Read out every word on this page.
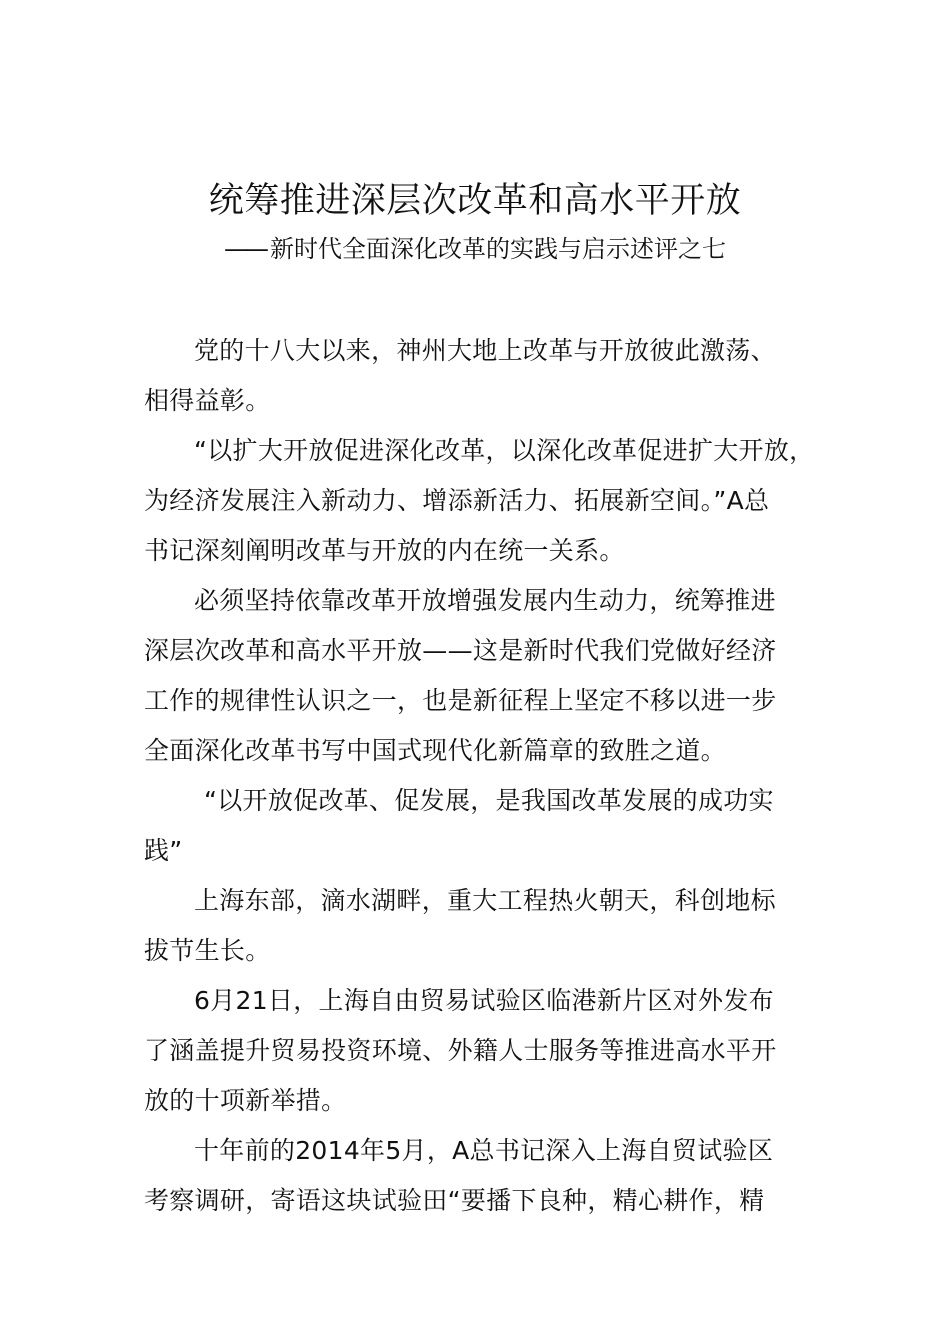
统筹推进深层次改革和高水平开放
—— 新时代全面深化改革的实践与启示述评之七

党的十八大以来，神州大地上改革与开放彼此激荡、
相得益彰。

“以扩大开放促进深化改革，以深化改革促进扩大开放，
为经济发展注入新动力、增添新活力、拓展新空间。”A总
书记深刻阐明改革与开放的内在统一关系。

必须坚持依靠改革开放增强发展内生动力，统筹推进
深层次改革和高水平开放——这是新时代我们党做好经济
工作的规律性认识之一，也是新征程上坚定不移以进一步
全面深化改革书写中国式现代化新篇章的致胜之道。

“以开放促改革、促发展，是我国改革发展的成功实
践”

上海东部，滴水湖畔，重大工程热火朝天，科创地标
拔节生长。

6月21日，上海自由贸易试验区临港新片区对外发布
了涵盖提升贸易投资环境、外籍人士服务等推进高水平开
放的十项新举措。

十年前的2014年5月，A总书记深入上海自贸试验区
考察调研，寄语这块试验田“要播下良种，精心耕作，精
